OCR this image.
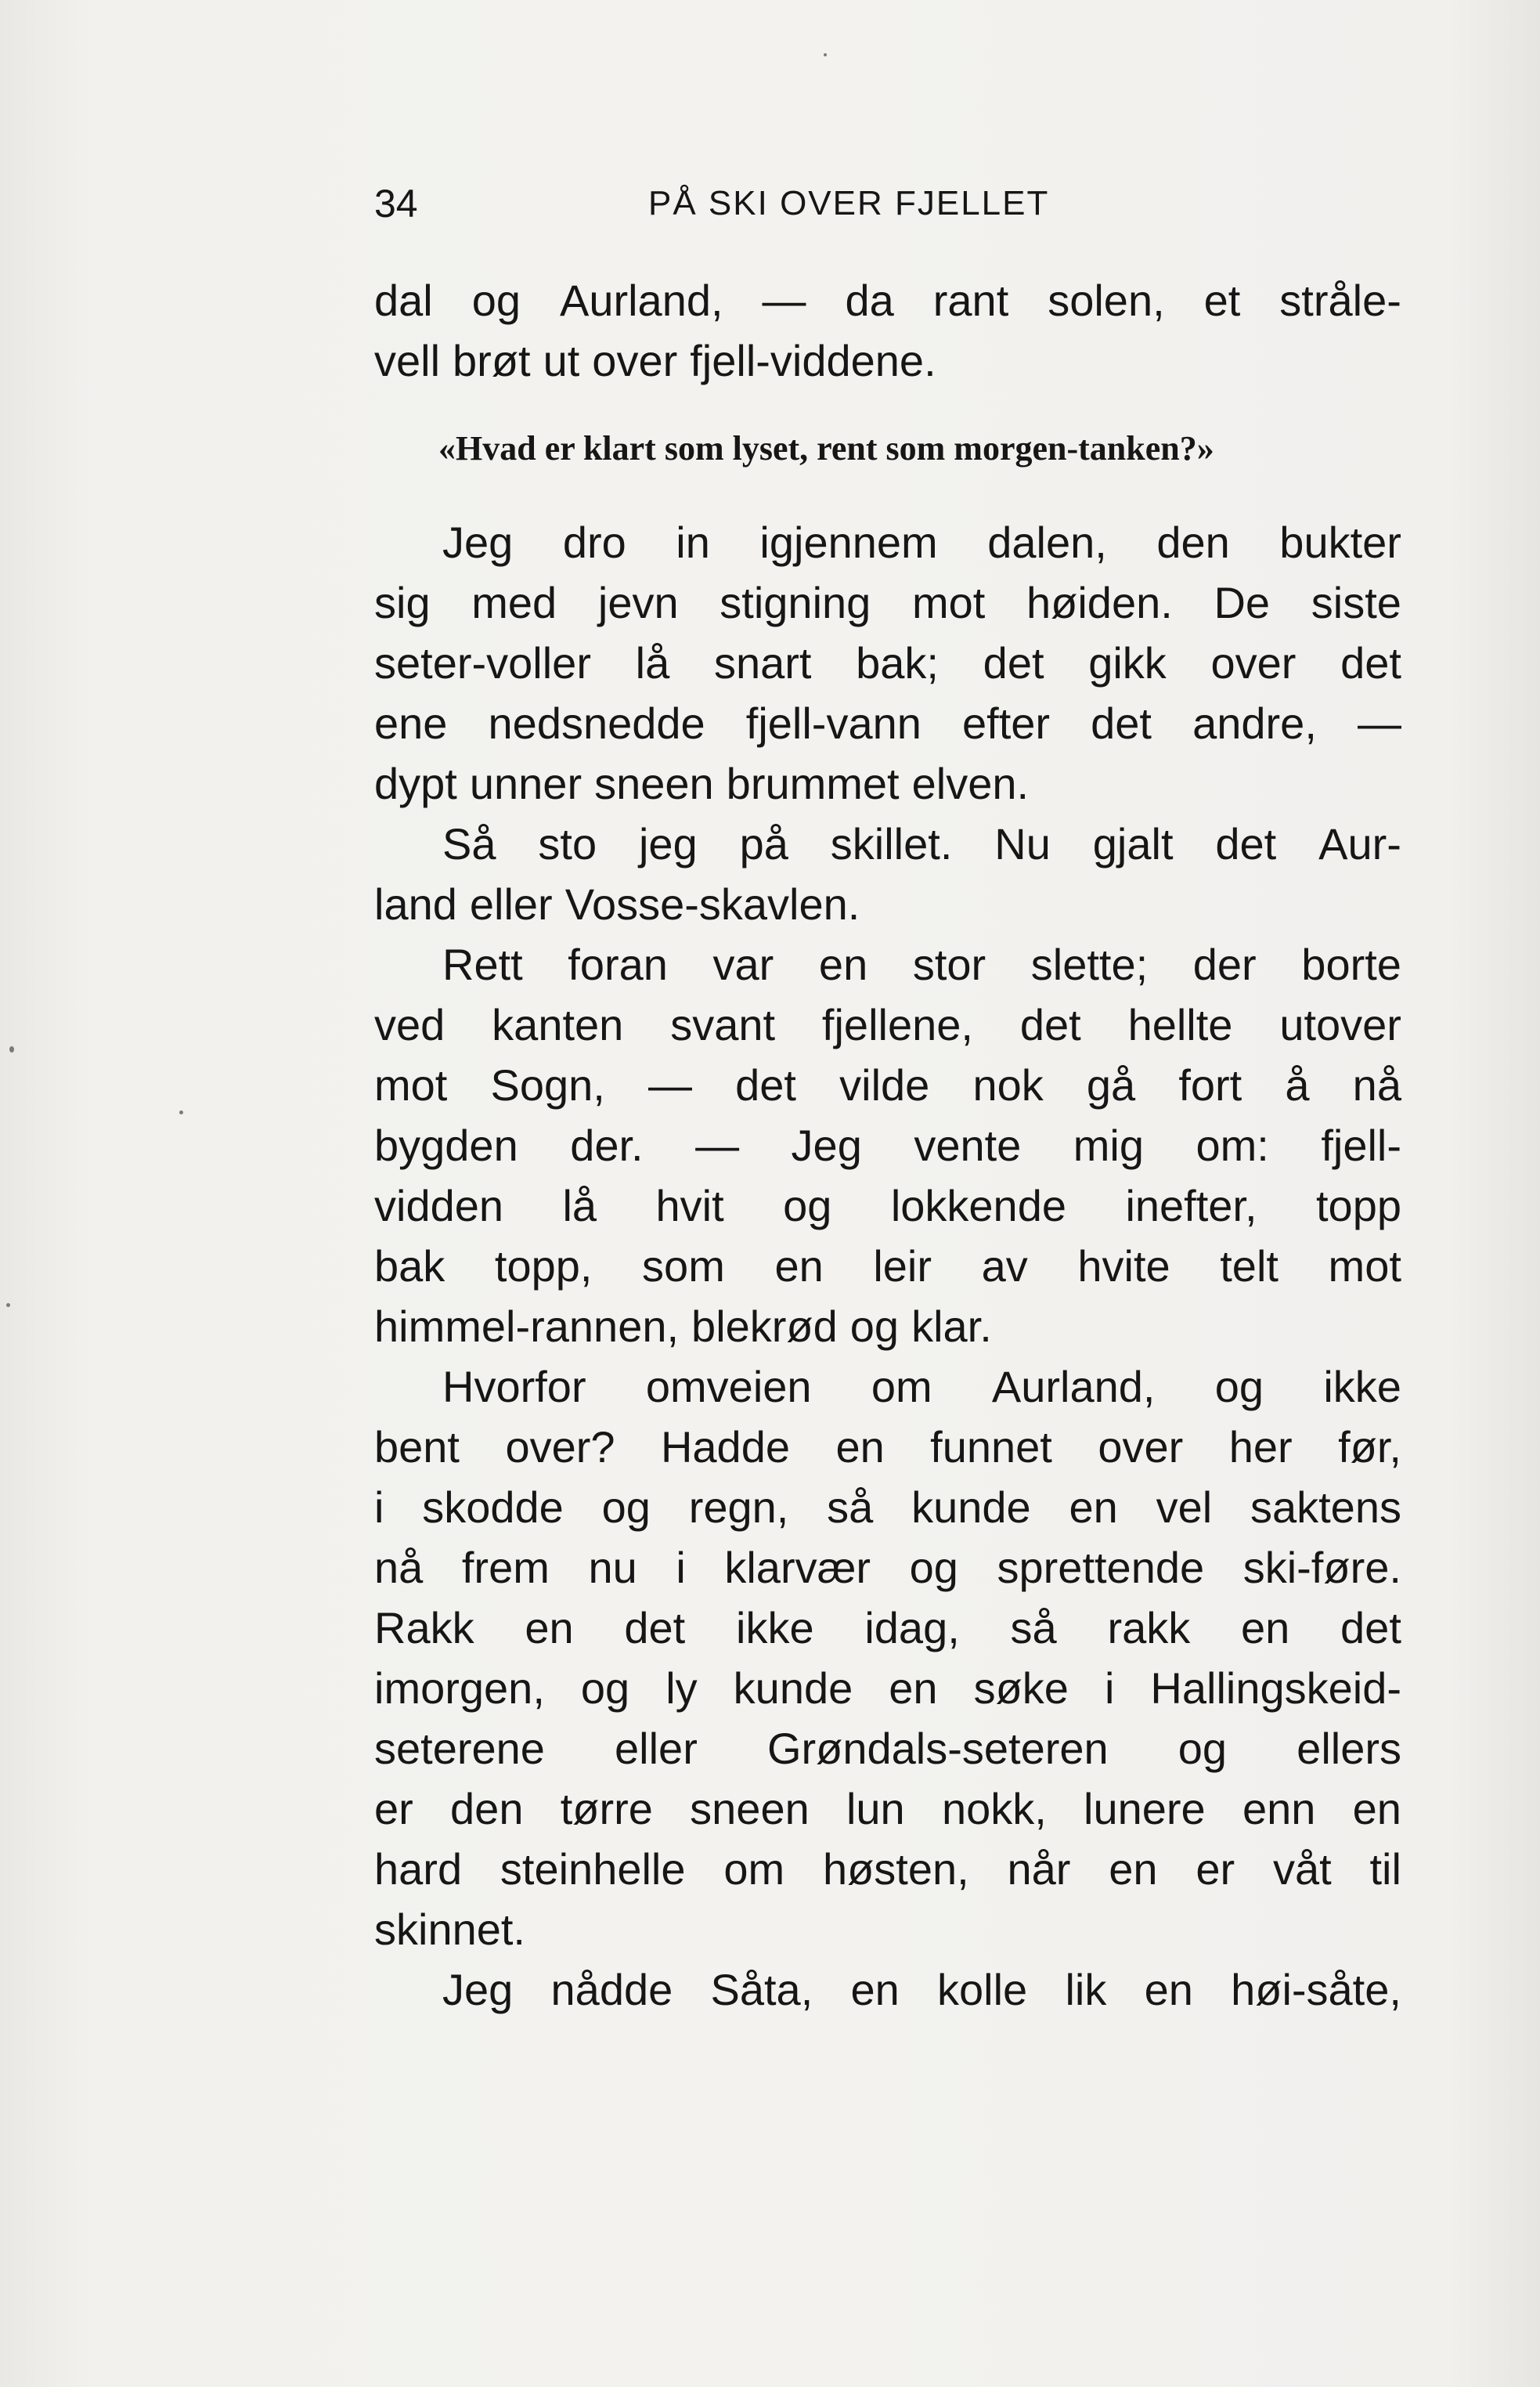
34	PÅ SKI OVER FJELLET
«Hvad er klart som lyset, rent som morgen-tanken?»
dal og Aurland, — da rant solen, et stråle-
vell brøt ut over fjell-viddene.
Jeg dro in igjennem dalen, den bukter
sig med jevn stigning mot høiden. De siste
seter-voller lå snart bak; det gikk over det
ene nedsnedde fjell-vann efter det andre, —
dypt unner sneen brummet elven.
Så sto jeg på skillet. Nu gjalt det Aur-
land eller Vosse-skavlen.
Rett foran var en stor slette; der borte
ved kanten svant fjellene, det hellte utover
mot Sogn, — det vilde nok gå fort å nå
bygden der. — Jeg vente mig om: fjell-
vidden lå hvit og lokkende inefter, topp
bak topp, som en leir av hvite telt mot
himmel-rannen, blekrød og klar.
Hvorfor omveien om Aurland, og ikke
bent over? Hadde en funnet over her før,
i skodde og regn, så kunde en vel saktens
nå frem nu i klarvær og sprettende ski-føre.
Rakk en det ikke idag, så rakk en det
imorgen, og ly kunde en søke i Hallingskeid-
seterene eller Grøndals-seteren og ellers
er den tørre sneen lun nokk, lunere enn en
hard steinhelle om høsten, når en er våt til
skinnet.
Jeg nådde Såta, en kolle lik en høi-såte,
